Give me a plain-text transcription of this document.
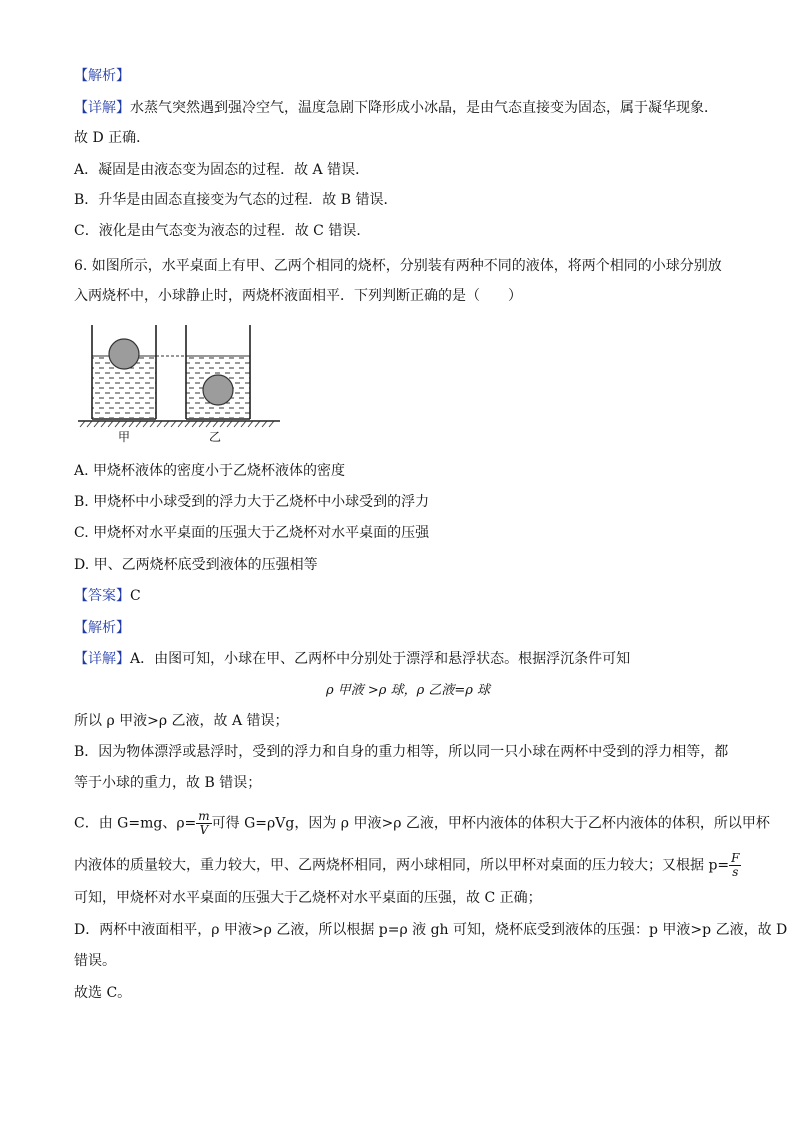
【解析】
【详解】水蒸气突然遇到强冷空气，温度急剧下降形成小冰晶，是由气态直接变为固态，属于凝华现象．
故 D 正确．
A．凝固是由液态变为固态的过程．故 A 错误．
B．升华是由固态直接变为气态的过程．故 B 错误．
C．液化是由气态变为液态的过程．故 C 错误．
6. 如图所示，水平桌面上有甲、乙两个相同的烧杯，分别装有两种不同的液体，将两个相同的小球分别放
入两烧杯中，小球静止时，两烧杯液面相平．下列判断正确的是（　　）
甲	乙
A. 甲烧杯液体的密度小于乙烧杯液体的密度
B. 甲烧杯中小球受到的浮力大于乙烧杯中小球受到的浮力
C. 甲烧杯对水平桌面的压强大于乙烧杯对水平桌面的压强
D. 甲、乙两烧杯底受到液体的压强相等
【答案】C
【解析】
【详解】A．由图可知，小球在甲、乙两杯中分别处于漂浮和悬浮状态。根据浮沉条件可知
ρ 甲液 >ρ 球，ρ 乙液=ρ 球
所以 ρ 甲液>ρ 乙液，故 A 错误；
B．因为物体漂浮或悬浮时，受到的浮力和自身的重力相等，所以同一只小球在两杯中受到的浮力相等，都
等于小球的重力，故 B 错误；
C．由 G=mg、$\rho= \frac{m}{V}$ 可得 G=ρVg，因为 ρ 甲液>ρ 乙液，甲杯内液体的体积大于乙杯内液体的体积，所以甲杯
内液体的质量较大，重力较大，甲、乙两烧杯相同，两小球相同，所以甲杯对桌面的压力较大；又根据 $p= \frac{F}{s}$
可知，甲烧杯对水平桌面的压强大于乙烧杯对水平桌面的压强，故 C 正确；
D．两杯中液面相平，ρ 甲液>ρ 乙液，所以根据 p=ρ 液 gh 可知，烧杯底受到液体的压强：p 甲液>p 乙液，故 D
错误。
故选 C。
